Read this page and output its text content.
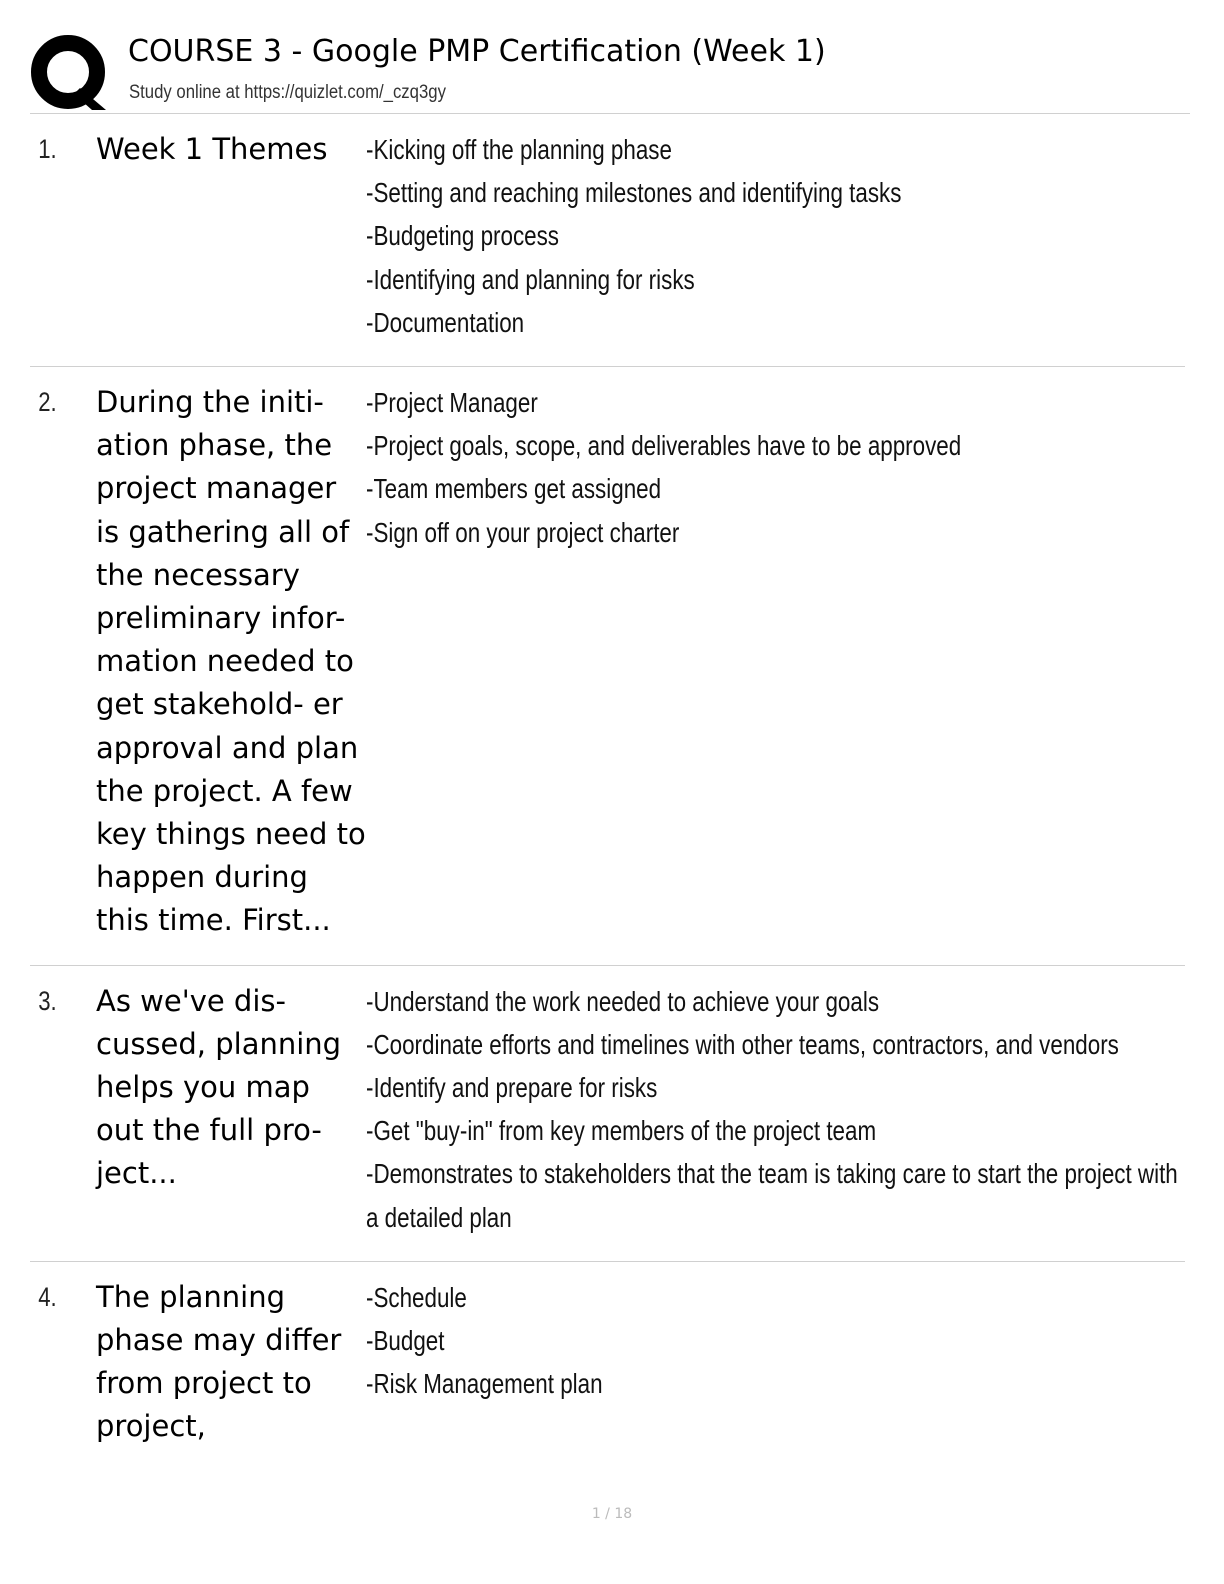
COURSE 3 - Google PMP Certification (Week 1)
Study online at https://quizlet.com/_czq3gy
1.	Week 1 Themes	-Kicking off the planning phase
-Setting and reaching milestones and identifying tasks
-Budgeting process
-Identifying and planning for risks
-Documentation
2.	During the initi- ation phase, the project manager is gathering all of the necessary preliminary infor- mation needed to get stakehold- er approval and plan the project. A few key things need to happen during this time. First...
-Project Manager
-Project goals, scope, and deliverables have to be approved
-Team members get assigned
-Sign off on your project charter
3.	As we've dis- cussed, planning helps you map out the full pro- ject...
-Understand the work needed to achieve your goals
-Coordinate efforts and timelines with other teams, contractors, and vendors
-Identify and prepare for risks
-Get "buy-in" from key members of the project team
-Demonstrates to stakeholders that the team is taking care to start the project with
a detailed plan
4.	The planning phase may differ from project to project,
-Schedule
-Budget
-Risk Management plan
1 / 18
